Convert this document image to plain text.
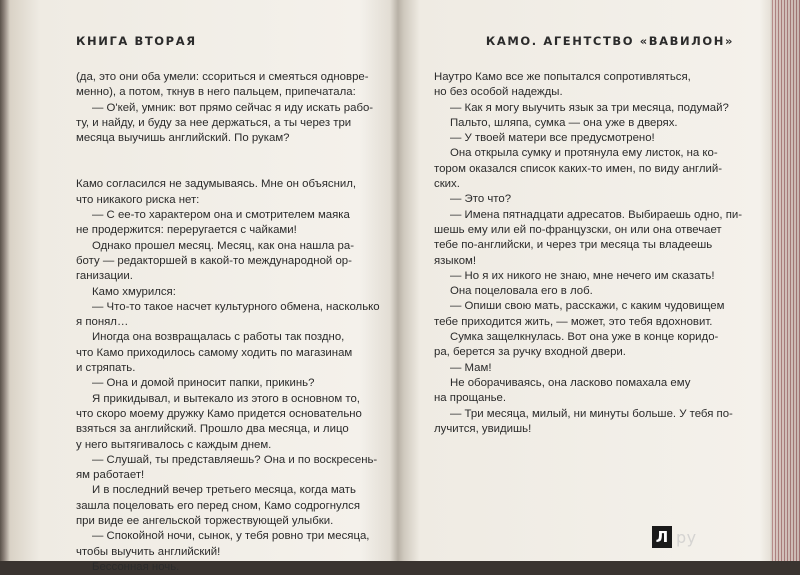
КНИГА ВТОРАЯ

(да, это они оба умели: ссориться и смеяться одновре-
менно), а потом, ткнув в него пальцем, припечатала:

— О'кей, умник: вот прямо сейчас я иду искать рабо-
ту, и найду, и буду за нее держаться, а ты через три
месяца выучишь английский. По рукам?

Камо согласился не задумываясь. Мне он объяснил,
что никакого риска нет:

— С ее-то характером она и смотрителем маяка
не продержится: переругается с чайками!

Однако прошел месяц. Месяц, как она нашла ра-
боту — редакторшей в какой-то международной ор-
ганизации.

Камо хмурился:

— Что-то такое насчет культурного обмена, насколько
я понял…

Иногда она возвращалась с работы так поздно,
что Камо приходилось самому ходить по магазинам
и стряпать.

— Она и домой приносит папки, прикинь?

Я прикидывал, и вытекало из этого в основном то,
что скоро моему дружку Камо придется основательно
взяться за английский. Прошло два месяца, и лицо
у него вытягивалось с каждым днем.

— Слушай, ты представляешь? Она и по воскресень-
ям работает!

И в последний вечер третьего месяца, когда мать
зашла поцеловать его перед сном, Камо содрогнулся
при виде ее ангельской торжествующей улыбки.

— Спокойной ночи, сынок, у тебя ровно три месяца,
чтобы выучить английский!

Бессонная ночь.

КАМО. АГЕНТСТВО «ВАВИЛОН»

Наутро Камо все же попытался сопротивляться,
но без особой надежды.

— Как я могу выучить язык за три месяца, подумай?

Пальто, шляпа, сумка — она уже в дверях.

— У твоей матери все предусмотрено!

Она открыла сумку и протянула ему листок, на ко-
тором оказался список каких-то имен, по виду англий-
ских.

— Это что?

— Имена пятнадцати адресатов. Выбираешь одно, пи-
шешь ему или ей по-французски, он или она отвечает
тебе по-английски, и через три месяца ты владеешь
языком!

— Но я их никого не знаю, мне нечего им сказать!

Она поцеловала его в лоб.

— Опиши свою мать, расскажи, с каким чудовищем
тебе приходится жить, — может, это тебя вдохновит.

Сумка защелкнулась. Вот она уже в конце коридо-
ра, берется за ручку входной двери.

— Мам!

Не оборачиваясь, она ласково помахала ему
на прощанье.

— Три месяца, милый, ни минуты больше. У тебя по-
лучится, увидишь!

Л ру
